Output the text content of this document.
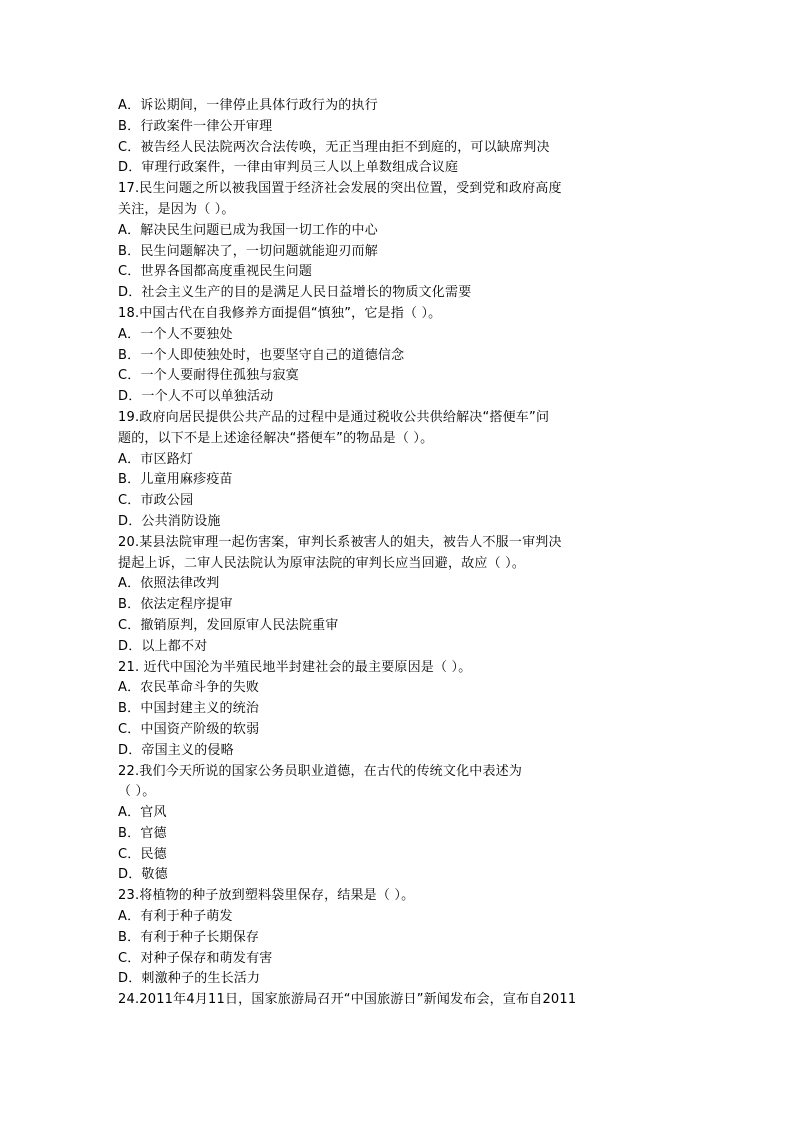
A．诉讼期间，一律停止具体行政行为的执行
B．行政案件一律公开审理
C．被告经人民法院两次合法传唤，无正当理由拒不到庭的，可以缺席判决
D．审理行政案件，一律由审判员三人以上单数组成合议庭
17.民生问题之所以被我国置于经济社会发展的突出位置，受到党和政府高度
关注，是因为（ ）。
A．解决民生问题已成为我国一切工作的中心
B．民生问题解决了，一切问题就能迎刃而解
C．世界各国都高度重视民生问题
D．社会主义生产的目的是满足人民日益增长的物质文化需要
18.中国古代在自我修养方面提倡“慎独”，它是指（ ）。
A．一个人不要独处
B．一个人即使独处时，也要坚守自己的道德信念
C．一个人要耐得住孤独与寂寞
D．一个人不可以单独活动
19.政府向居民提供公共产品的过程中是通过税收公共供给解决“搭便车”问
题的，以下不是上述途径解决“搭便车”的物品是（ ）。
A．市区路灯
B．儿童用麻疹疫苗
C．市政公园
D．公共消防设施
20.某县法院审理一起伤害案，审判长系被害人的姐夫，被告人不服一审判决
提起上诉，二审人民法院认为原审法院的审判长应当回避，故应（ ）。
A．依照法律改判
B．依法定程序提审
C．撤销原判，发回原审人民法院重审
D．以上都不对
21. 近代中国沦为半殖民地半封建社会的最主要原因是（ ）。
A．农民革命斗争的失败
B．中国封建主义的统治
C．中国资产阶级的软弱
D．帝国主义的侵略
22.我们今天所说的国家公务员职业道德，在古代的传统文化中表述为
（ ）。
A．官风
B．官德
C．民德
D．敬德
23.将植物的种子放到塑料袋里保存，结果是（ ）。
A．有利于种子萌发
B．有利于种子长期保存
C．对种子保存和萌发有害
D．刺激种子的生长活力
24.2011年4月11日，国家旅游局召开“中国旅游日”新闻发布会，宣布自2011
